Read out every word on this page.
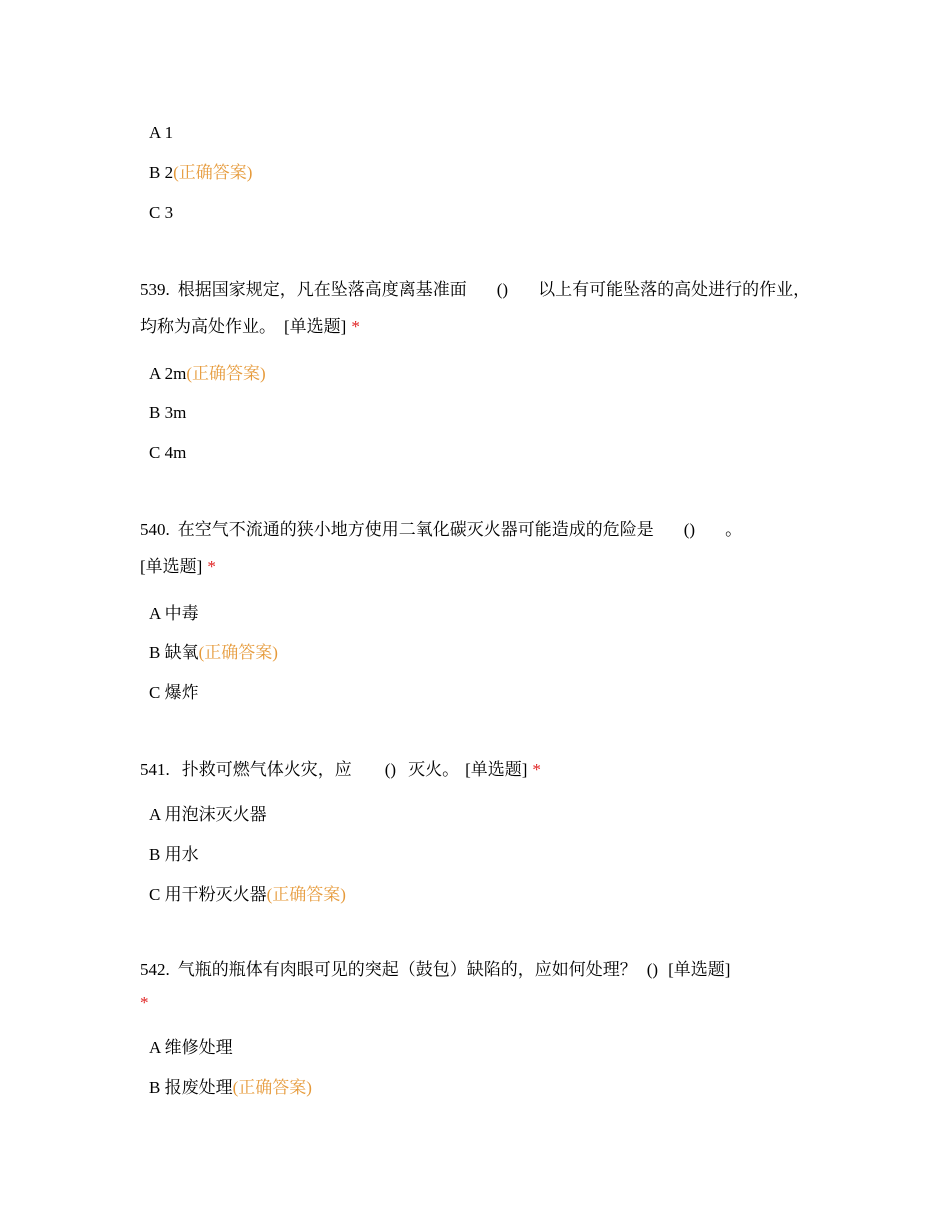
A 1
B 2(正确答案)
C 3
539. 根据国家规定，凡在坠落高度离基准面 () 以上有可能坠落的高处进行的作业，均称为高处作业。 [单选题] *
A 2m(正确答案)
B 3m
C 4m
540. 在空气不流通的狭小地方使用二氧化碳灭火器可能造成的危险是 () 。
[单选题] *
A 中毒
B 缺氧(正确答案)
C 爆炸
541. 扑救可燃气体火灾，应 () 灭火。 [单选题] *
A 用泡沫灭火器
B 用水
C 用干粉灭火器(正确答案)
542. 气瓶的瓶体有肉眼可见的突起（鼓包）缺陷的，应如何处理？ () [单选题]
*
A 维修处理
B 报废处理(正确答案)
